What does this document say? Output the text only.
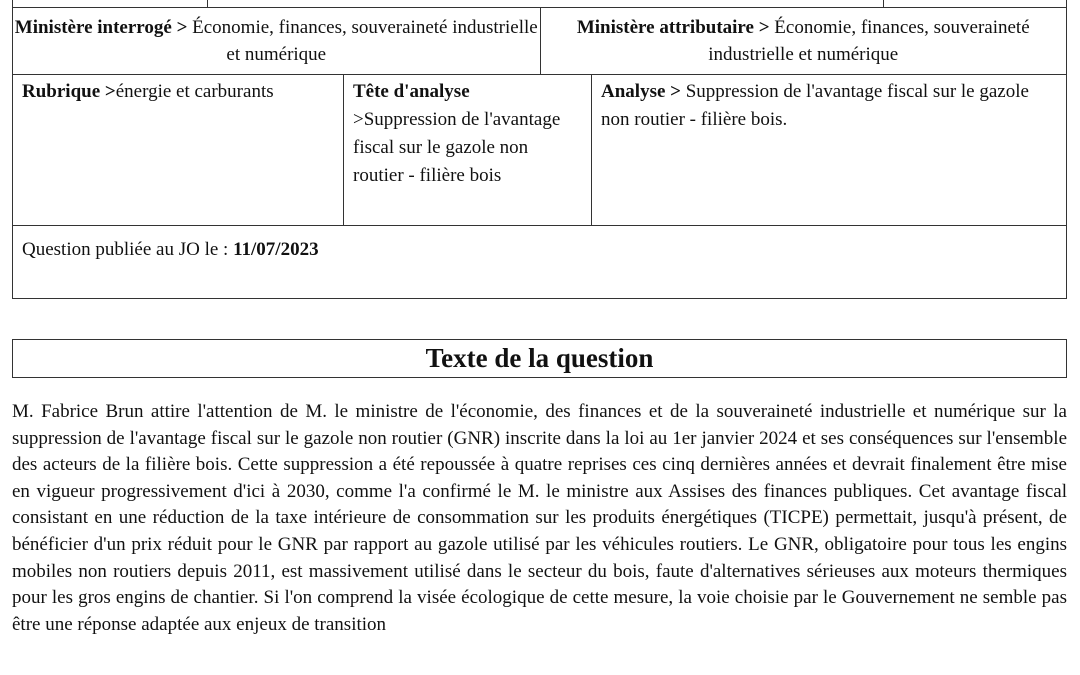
Ministère interrogé > Économie, finances, souveraineté industrielle et numérique
Ministère attributaire > Économie, finances, souveraineté industrielle et numérique
Rubrique >énergie et carburants	Tête d'analyse
>Suppression de l'avantage fiscal sur le gazole non routier - filière bois
Analyse > Suppression de l'avantage fiscal sur le gazole non routier - filière bois.
Question publiée au JO le : 11/07/2023
Texte de la question

M. Fabrice Brun attire l'attention de M. le ministre de l'économie, des finances et de la souveraineté industrielle et numérique sur la suppression de l'avantage fiscal sur le gazole non routier (GNR) inscrite dans la loi au 1er janvier 2024 et ses conséquences sur l'ensemble des acteurs de la filière bois. Cette suppression a été repoussée à quatre reprises ces cinq dernières années et devrait finalement être mise en vigueur progressivement d'ici à 2030, comme l'a confirmé le M. le ministre aux Assises des finances publiques. Cet avantage fiscal consistant en une réduction de la taxe intérieure de consommation sur les produits énergétiques (TICPE) permettait, jusqu'à présent, de bénéficier d'un prix réduit pour le GNR par rapport au gazole utilisé par les véhicules routiers. Le GNR, obligatoire pour tous les engins mobiles non routiers depuis 2011, est massivement utilisé dans le secteur du bois, faute d'alternatives sérieuses aux moteurs thermiques pour les gros engins de chantier. Si l'on comprend la visée écologique de cette mesure, la voie choisie par le Gouvernement ne semble pas être une réponse adaptée aux enjeux de transition
